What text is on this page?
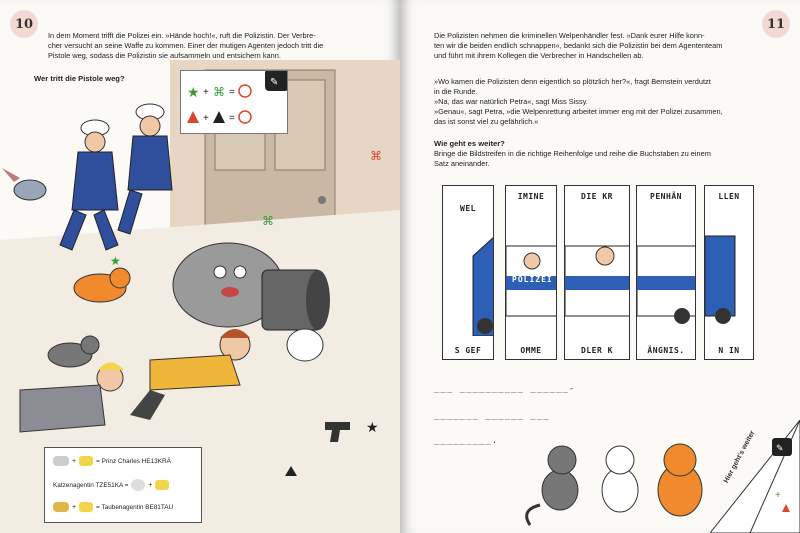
10
In dem Moment trifft die Polizei ein. »Hände hoch!«, ruft die Polizistin. Der Verbre-
cher versucht an seine Waffe zu kommen. Einer der mutigen Agenten jedoch tritt die
Pistole weg, sodass die Polizistin sie aufsammeln und entsichern kann.
Wer tritt die Pistole weg?
⌘
★
⌘
★
★ + ⌘ =
+ =
✎
+	= Prinz Charles HE13KRÄ
Katzenagentin TZE51KA =	+
+	= Taubenagentin BE81TAU
11
Die Polizisten nehmen die kriminellen Welpenhändler fest. »Dank eurer Hilfe konn-
ten wir die beiden endlich schnappen«, bedankt sich die Polizistin bei dem Agententeam
und führt mit ihrem Kollegen die Verbrecher in Handschellen ab.
»Wo kamen die Polizisten denn eigentlich so plötzlich her?«, fragt Bernstein verdutzt
in die Runde.
»Na, das war natürlich Petra«, sagt Miss Sissy.
»Genau«, sagt Petra, »die Welpenrettung arbeitet immer eng mit der Polizei zusammen,
das ist sonst viel zu gefährlich.«
Wie geht es weiter?
Bringe die Bildstreifen in die richtige Reihenfolge und reihe die Buchstaben zu einem
Satz aneinander.
WEL
S GEF
IMINE
OMME
DIE KR
DLER K
PENHÄN
ÄNGNIS.
LLEN
N IN
POLIZEI
___ __________ ______-
_______ ______ ___
_________.
✎
+
Hier geht's weiter
